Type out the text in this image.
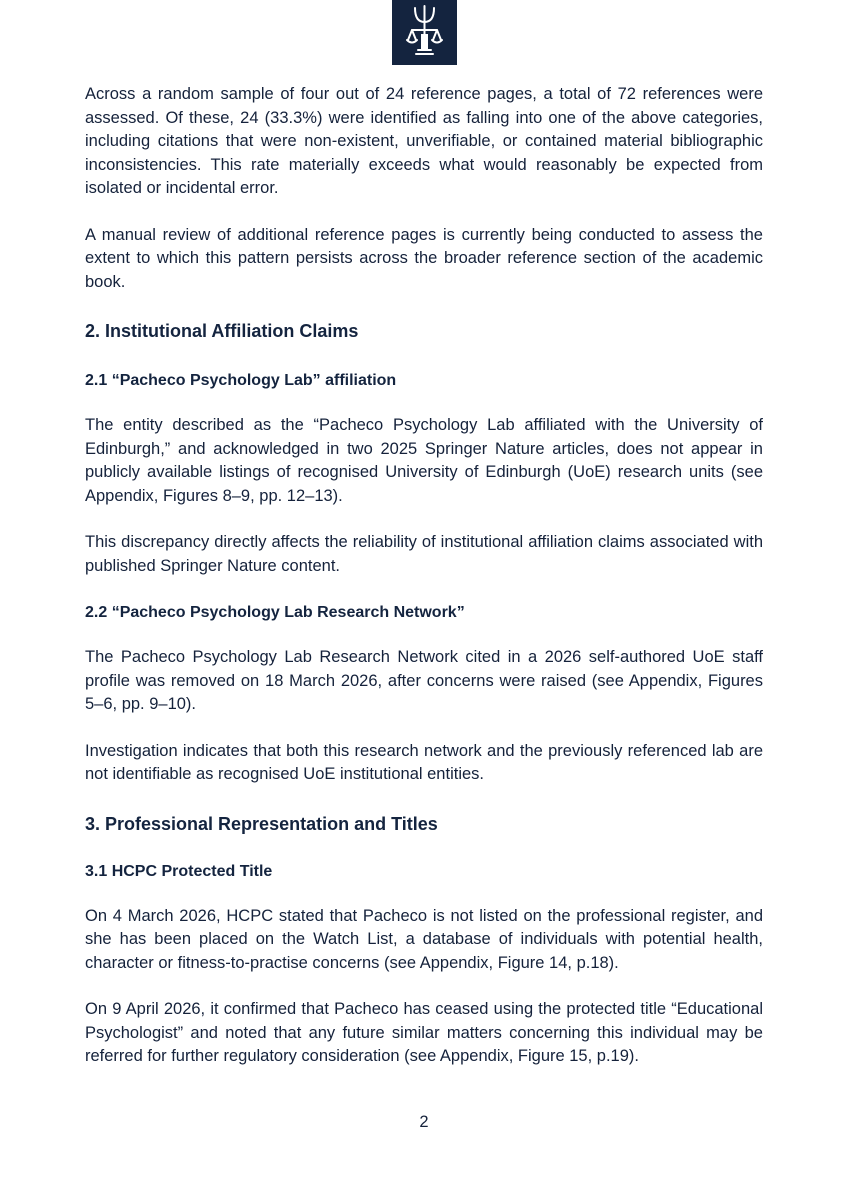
Across a random sample of four out of 24 reference pages, a total of 72 references were assessed. Of these, 24 (33.3%) were identified as falling into one of the above categories, including citations that were non-existent, unverifiable, or contained material bibliographic inconsistencies. This rate materially exceeds what would reasonably be expected from isolated or incidental error.

A manual review of additional reference pages is currently being conducted to assess the extent to which this pattern persists across the broader reference section of the academic book.

2. Institutional Affiliation Claims
2.1 “Pacheco Psychology Lab” affiliation

The entity described as the “Pacheco Psychology Lab affiliated with the University of Edinburgh,” and acknowledged in two 2025 Springer Nature articles, does not appear in publicly available listings of recognised University of Edinburgh (UoE) research units (see Appendix, Figures 8–9, pp. 12–13).

This discrepancy directly affects the reliability of institutional affiliation claims associated with published Springer Nature content.

2.2 “Pacheco Psychology Lab Research Network”

The Pacheco Psychology Lab Research Network cited in a 2026 self-authored UoE staff profile was removed on 18 March 2026, after concerns were raised (see Appendix, Figures 5–6, pp. 9–10).

Investigation indicates that both this research network and the previously referenced lab are not identifiable as recognised UoE institutional entities.

3. Professional Representation and Titles
3.1 HCPC Protected Title

On 4 March 2026, HCPC stated that Pacheco is not listed on the professional register, and she has been placed on the Watch List, a database of individuals with potential health, character or fitness-to-practise concerns (see Appendix, Figure 14, p.18).

On 9 April 2026, it confirmed that Pacheco has ceased using the protected title “Educational Psychologist” and noted that any future similar matters concerning this individual may be referred for further regulatory consideration (see Appendix, Figure 15, p.19).

2
